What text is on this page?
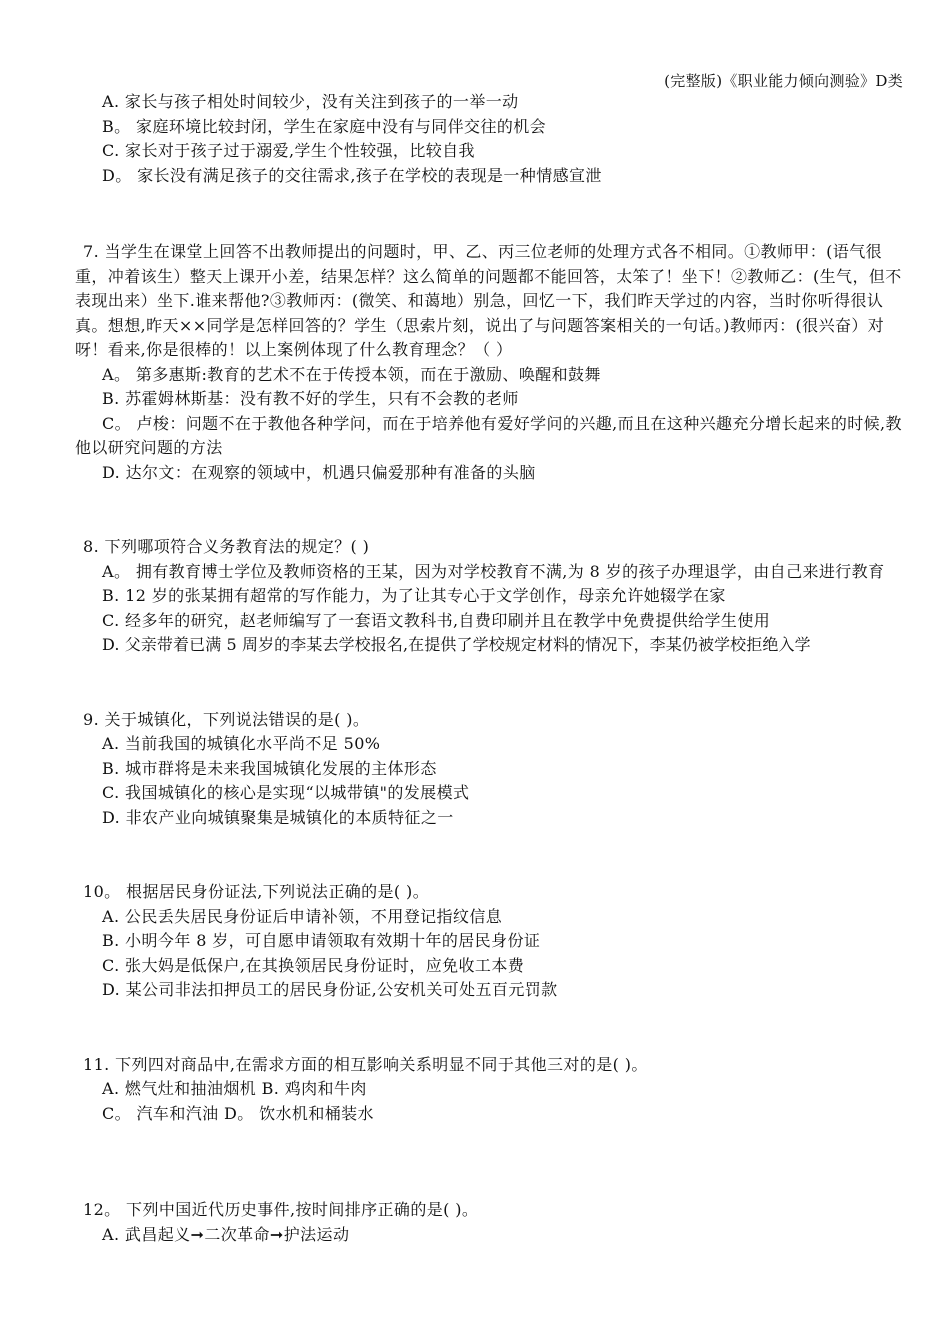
(完整版)《职业能力倾向测验》D类
A. 家长与孩子相处时间较少，没有关注到孩子的一举一动
B。 家庭环境比较封闭，学生在家庭中没有与同伴交往的机会
C. 家长对于孩子过于溺爱,学生个性较强，比较自我
D。 家长没有满足孩子的交往需求,孩子在学校的表现是一种情感宣泄
7. 当学生在课堂上回答不出教师提出的问题时，甲、乙、丙三位老师的处理方式各不相同。①教师甲：(语气很重，冲着该生）整天上课开小差，结果怎样？这么简单的问题都不能回答，太笨了！坐下！②教师乙：(生气，但不表现出来）坐下.谁来帮他?③教师丙：(微笑、和蔼地）别急，回忆一下，我们昨天学过的内容，当时你听得很认真。想想,昨天××同学是怎样回答的？学生（思索片刻，说出了与问题答案相关的一句话。)教师丙：(很兴奋）对呀！看来,你是很棒的！以上案例体现了什么教育理念？（ ）
A。 第多惠斯:教育的艺术不在于传授本领，而在于激励、唤醒和鼓舞
B. 苏霍姆林斯基：没有教不好的学生，只有不会教的老师
C。 卢梭：问题不在于教他各种学问，而在于培养他有爱好学问的兴趣,而且在这种兴趣充分增长起来的时候,教他以研究问题的方法
D. 达尔文：在观察的领域中，机遇只偏爱那种有准备的头脑
8. 下列哪项符合义务教育法的规定？( )
A。 拥有教育博士学位及教师资格的王某，因为对学校教育不满,为 8 岁的孩子办理退学，由自己来进行教育
B. 12 岁的张某拥有超常的写作能力，为了让其专心于文学创作，母亲允许她辍学在家
C. 经多年的研究，赵老师编写了一套语文教科书,自费印刷并且在教学中免费提供给学生使用
D. 父亲带着已满 5 周岁的李某去学校报名,在提供了学校规定材料的情况下，李某仍被学校拒绝入学
9. 关于城镇化，下列说法错误的是( )。
A. 当前我国的城镇化水平尚不足 50%
B. 城市群将是未来我国城镇化发展的主体形态
C. 我国城镇化的核心是实现“以城带镇"的发展模式
D. 非农产业向城镇聚集是城镇化的本质特征之一
10。 根据居民身份证法,下列说法正确的是( )。
A. 公民丢失居民身份证后申请补领，不用登记指纹信息
B. 小明今年 8 岁，可自愿申请领取有效期十年的居民身份证
C. 张大妈是低保户,在其换领居民身份证时，应免收工本费
D. 某公司非法扣押员工的居民身份证,公安机关可处五百元罚款
11. 下列四对商品中,在需求方面的相互影响关系明显不同于其他三对的是( )。
A. 燃气灶和抽油烟机 B. 鸡肉和牛肉
C。 汽车和汽油 D。 饮水机和桶装水
12。 下列中国近代历史事件,按时间排序正确的是( )。
A. 武昌起义➞二次革命➞护法运动
